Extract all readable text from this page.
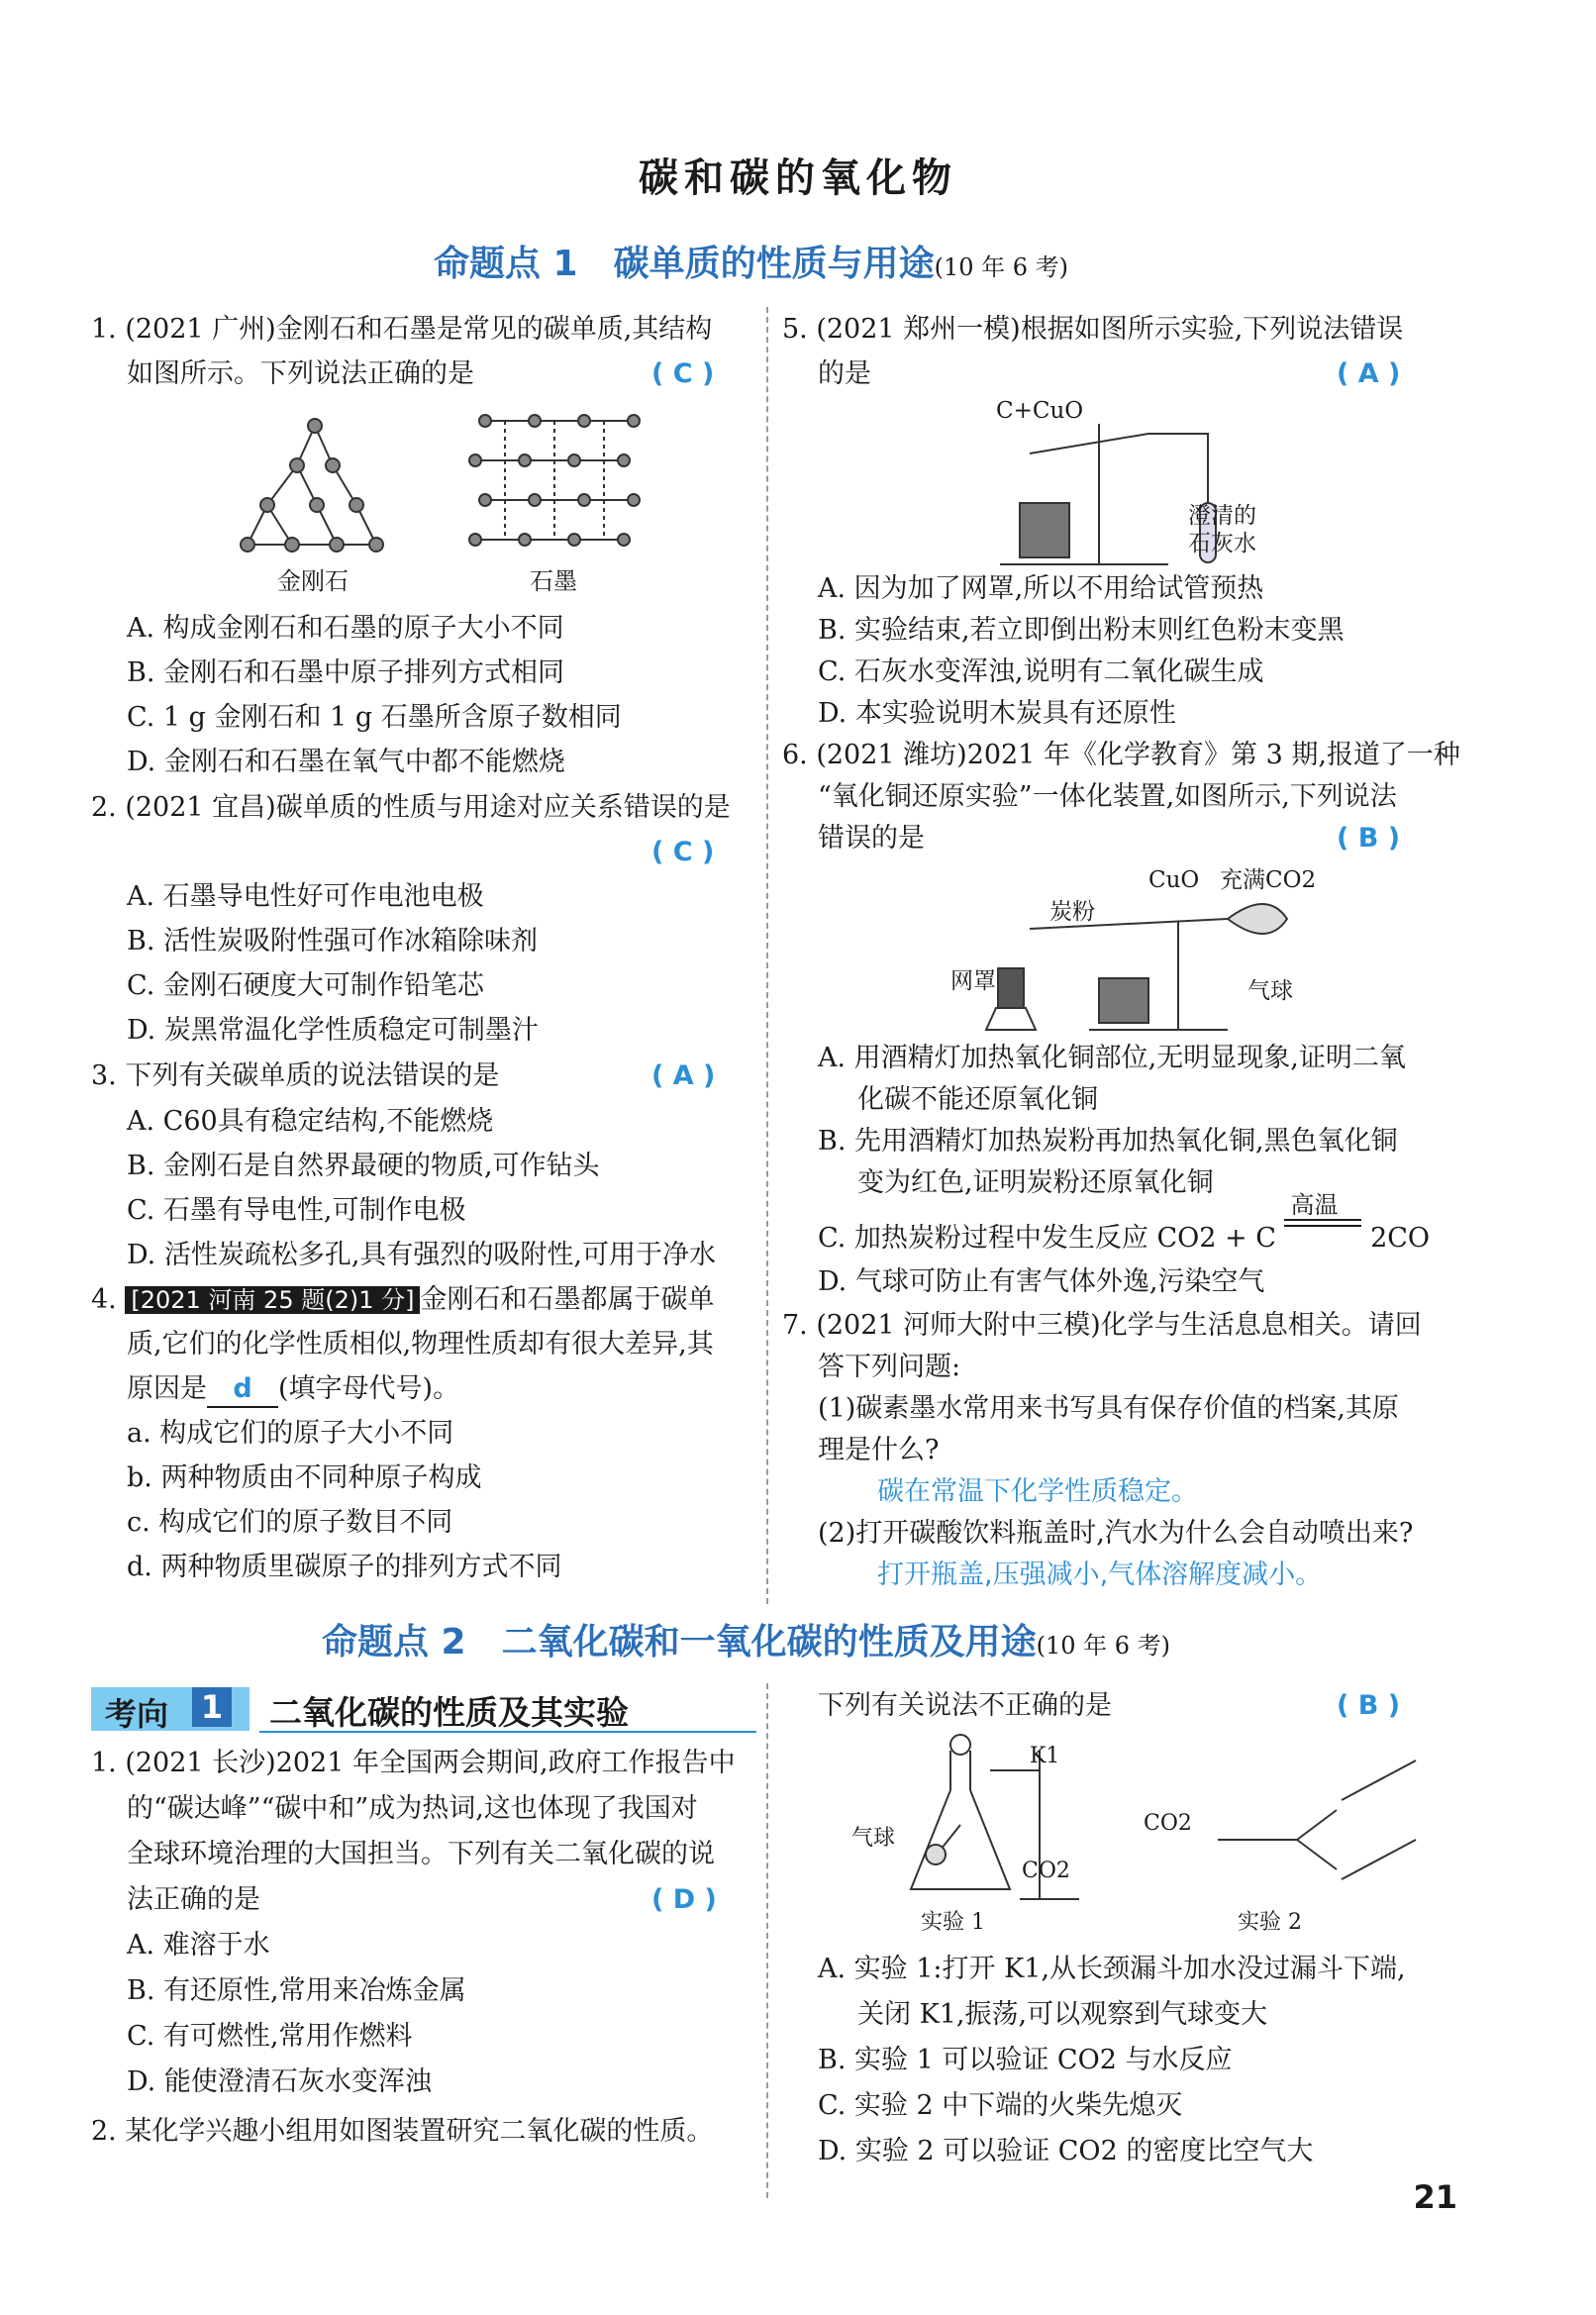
碳和碳的氧化物
命题点 1　碳单质的性质与用途(10 年 6 考)
1. (2021 广州)金刚石和石墨是常见的碳单质,其结构
如图所示。下列说法正确的是	( C )
金刚石	石墨
A. 构成金刚石和石墨的原子大小不同
B. 金刚石和石墨中原子排列方式相同
C. 1 g 金刚石和 1 g 石墨所含原子数相同
D. 金刚石和石墨在氧气中都不能燃烧
2. (2021 宜昌)碳单质的性质与用途对应关系错误的是
( C )
A. 石墨导电性好可作电池电极
B. 活性炭吸附性强可作冰箱除味剂
C. 金刚石硬度大可制作铅笔芯
D. 炭黑常温化学性质稳定可制墨汁
3. 下列有关碳单质的说法错误的是	( A )
A. C60具有稳定结构,不能燃烧
B. 金刚石是自然界最硬的物质,可作钻头
C. 石墨有导电性,可制作电极
D. 活性炭疏松多孔,具有强烈的吸附性,可用于净水
4. [2021 河南 25 题(2)1 分] 金刚石和石墨都属于碳单
质,它们的化学性质相似,物理性质却有很大差异,其
原因是 d (填字母代号)。
a. 构成它们的原子大小不同
b. 两种物质由不同种原子构成
c. 构成它们的原子数目不同
d. 两种物质里碳原子的排列方式不同
5. (2021 郑州一模)根据如图所示实验,下列说法错误
的是	( A )
C+CuO
澄清的
石灰水
A. 因为加了网罩,所以不用给试管预热
B. 实验结束,若立即倒出粉末则红色粉末变黑
C. 石灰水变浑浊,说明有二氧化碳生成
D. 本实验说明木炭具有还原性
6. (2021 潍坊)2021 年《化学教育》第 3 期,报道了一种
“氧化铜还原实验”一体化装置,如图所示,下列说法
错误的是	( B )
CuO 充满CO2
炭粉
网罩	气球
A. 用酒精灯加热氧化铜部位,无明显现象,证明二氧
化碳不能还原氧化铜
B. 先用酒精灯加热炭粉再加热氧化铜,黑色氧化铜
变为红色,证明炭粉还原氧化铜
C. 加热炭粉过程中发生反应 CO2 + C
高温
2CO
D. 气球可防止有害气体外逸,污染空气
7. (2021 河师大附中三模)化学与生活息息相关。请回
答下列问题:
(1)碳素墨水常用来书写具有保存价值的档案,其原
理是什么?
碳在常温下化学性质稳定。
(2)打开碳酸饮料瓶盖时,汽水为什么会自动喷出来?
打开瓶盖,压强减小,气体溶解度减小。
命题点 2　二氧化碳和一氧化碳的性质及用途(10 年 6 考)
考向 1 二氧化碳的性质及其实验
1. (2021 长沙)2021 年全国两会期间,政府工作报告中
的“碳达峰”“碳中和”成为热词,这也体现了我国对
全球环境治理的大国担当。下列有关二氧化碳的说
法正确的是	( D )
A. 难溶于水
B. 有还原性,常用来冶炼金属
C. 有可燃性,常用作燃料
D. 能使澄清石灰水变浑浊
2. 某化学兴趣小组用如图装置研究二氧化碳的性质。
下列有关说法不正确的是	( B )
K1
气球
CO2
CO2
实验 1	实验 2
A. 实验 1:打开 K1,从长颈漏斗加水没过漏斗下端,
关闭 K1,振荡,可以观察到气球变大
B. 实验 1 可以验证 CO2 与水反应
C. 实验 2 中下端的火柴先熄灭
D. 实验 2 可以验证 CO2 的密度比空气大
21
